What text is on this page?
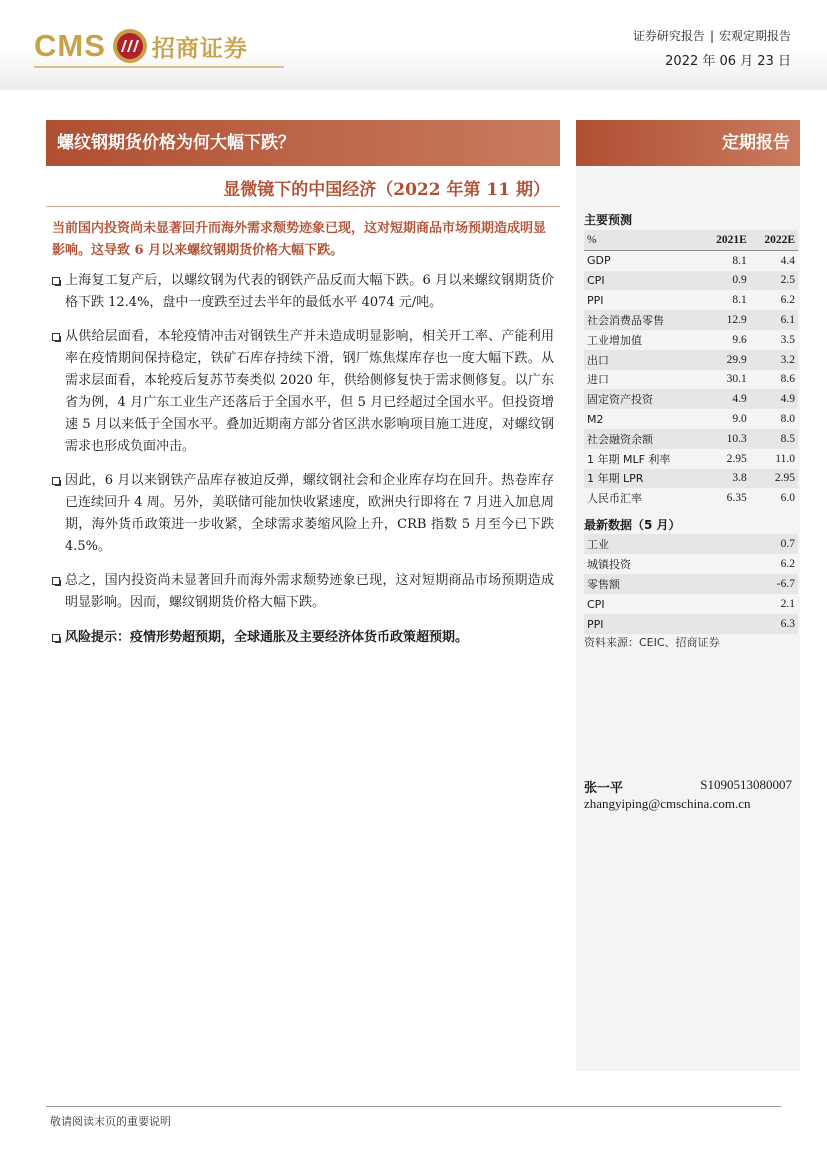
CMS 招商证券	证券研究报告 | 宏观定期报告
2022 年 06 月 23 日
螺纹钢期货价格为何大幅下跌？	定期报告
显微镜下的中国经济（2022 年第 11 期）
当前国内投资尚未显著回升而海外需求颓势迹象已现，这对短期商品市场预期造成明显影响。这导致 6 月以来螺纹钢期货价格大幅下跌。
上海复工复产后，以螺纹钢为代表的钢铁产品反而大幅下跌。6 月以来螺纹钢期货价格下跌 12.4%，盘中一度跌至过去半年的最低水平 4074 元/吨。
从供给层面看，本轮疫情冲击对钢铁生产并未造成明显影响，相关开工率、产能利用率在疫情期间保持稳定，铁矿石库存持续下滑，钢厂炼焦煤库存也一度大幅下跌。从需求层面看，本轮疫后复苏节奏类似 2020 年，供给侧修复快于需求侧修复。以广东省为例，4 月广东工业生产还落后于全国水平，但 5 月已经超过全国水平。但投资增速 5 月以来低于全国水平。叠加近期南方部分省区洪水影响项目施工进度，对螺纹钢需求也形成负面冲击。
因此，6 月以来钢铁产品库存被迫反弹，螺纹钢社会和企业库存均在回升。热卷库存已连续回升 4 周。另外，美联储可能加快收紧速度，欧洲央行即将在 7 月进入加息周期，海外货币政策进一步收紧，全球需求萎缩风险上升，CRB 指数 5 月至今已下跌 4.5%。
总之，国内投资尚未显著回升而海外需求颓势迹象已现，这对短期商品市场预期造成明显影响。因而，螺纹钢期货价格大幅下跌。
风险提示：疫情形势超预期，全球通胀及主要经济体货币政策超预期。
主要预测
%	2021E	2022E
GDP	8.1	4.4
CPI	0.9	2.5
PPI	8.1	6.2
社会消费品零售	12.9	6.1
工业增加值	9.6	3.5
出口	29.9	3.2
进口	30.1	8.6
固定资产投资	4.9	4.9
M2	9.0	8.0
社会融资余额	10.3	8.5
1 年期 MLF 利率	2.95	11.0
1 年期 LPR	3.8	2.95
人民币汇率	6.35	6.0
最新数据（5 月）
工业	0.7
城镇投资	6.2
零售额	-6.7
CPI	2.1
PPI	6.3
资料来源：CEIC、招商证券
张一平	S1090513080007
zhangyiping@cmschina.com.cn
敬请阅读末页的重要说明
